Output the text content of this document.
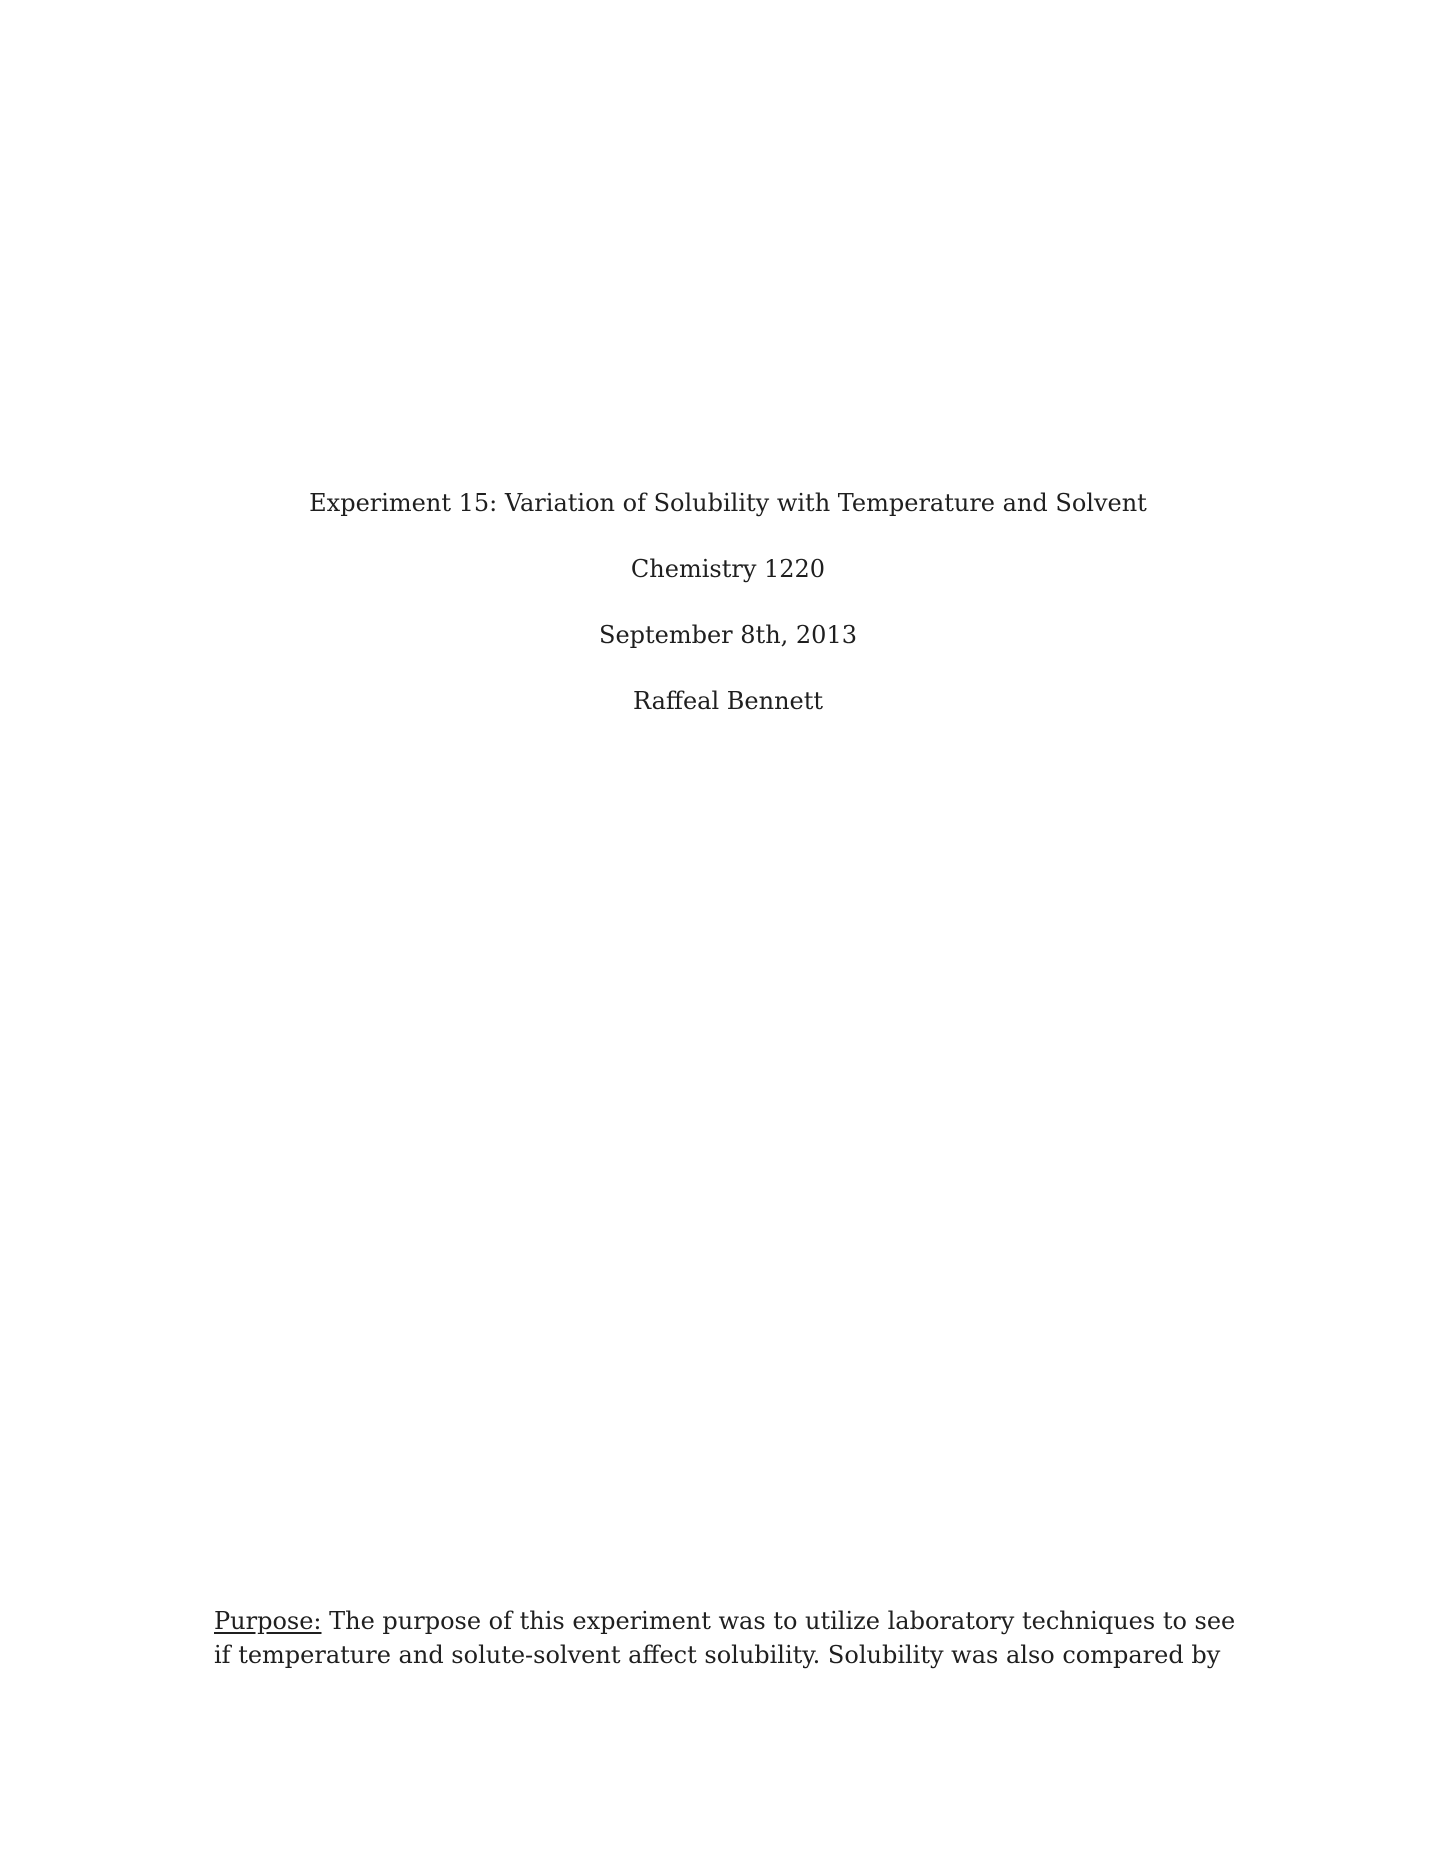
Experiment 15: Variation of Solubility with Temperature and Solvent
Chemistry 1220
September 8th, 2013
Raffeal Bennett
Purpose: The purpose of this experiment was to utilize laboratory techniques to see
if temperature and solute-solvent affect solubility. Solubility was also compared by
